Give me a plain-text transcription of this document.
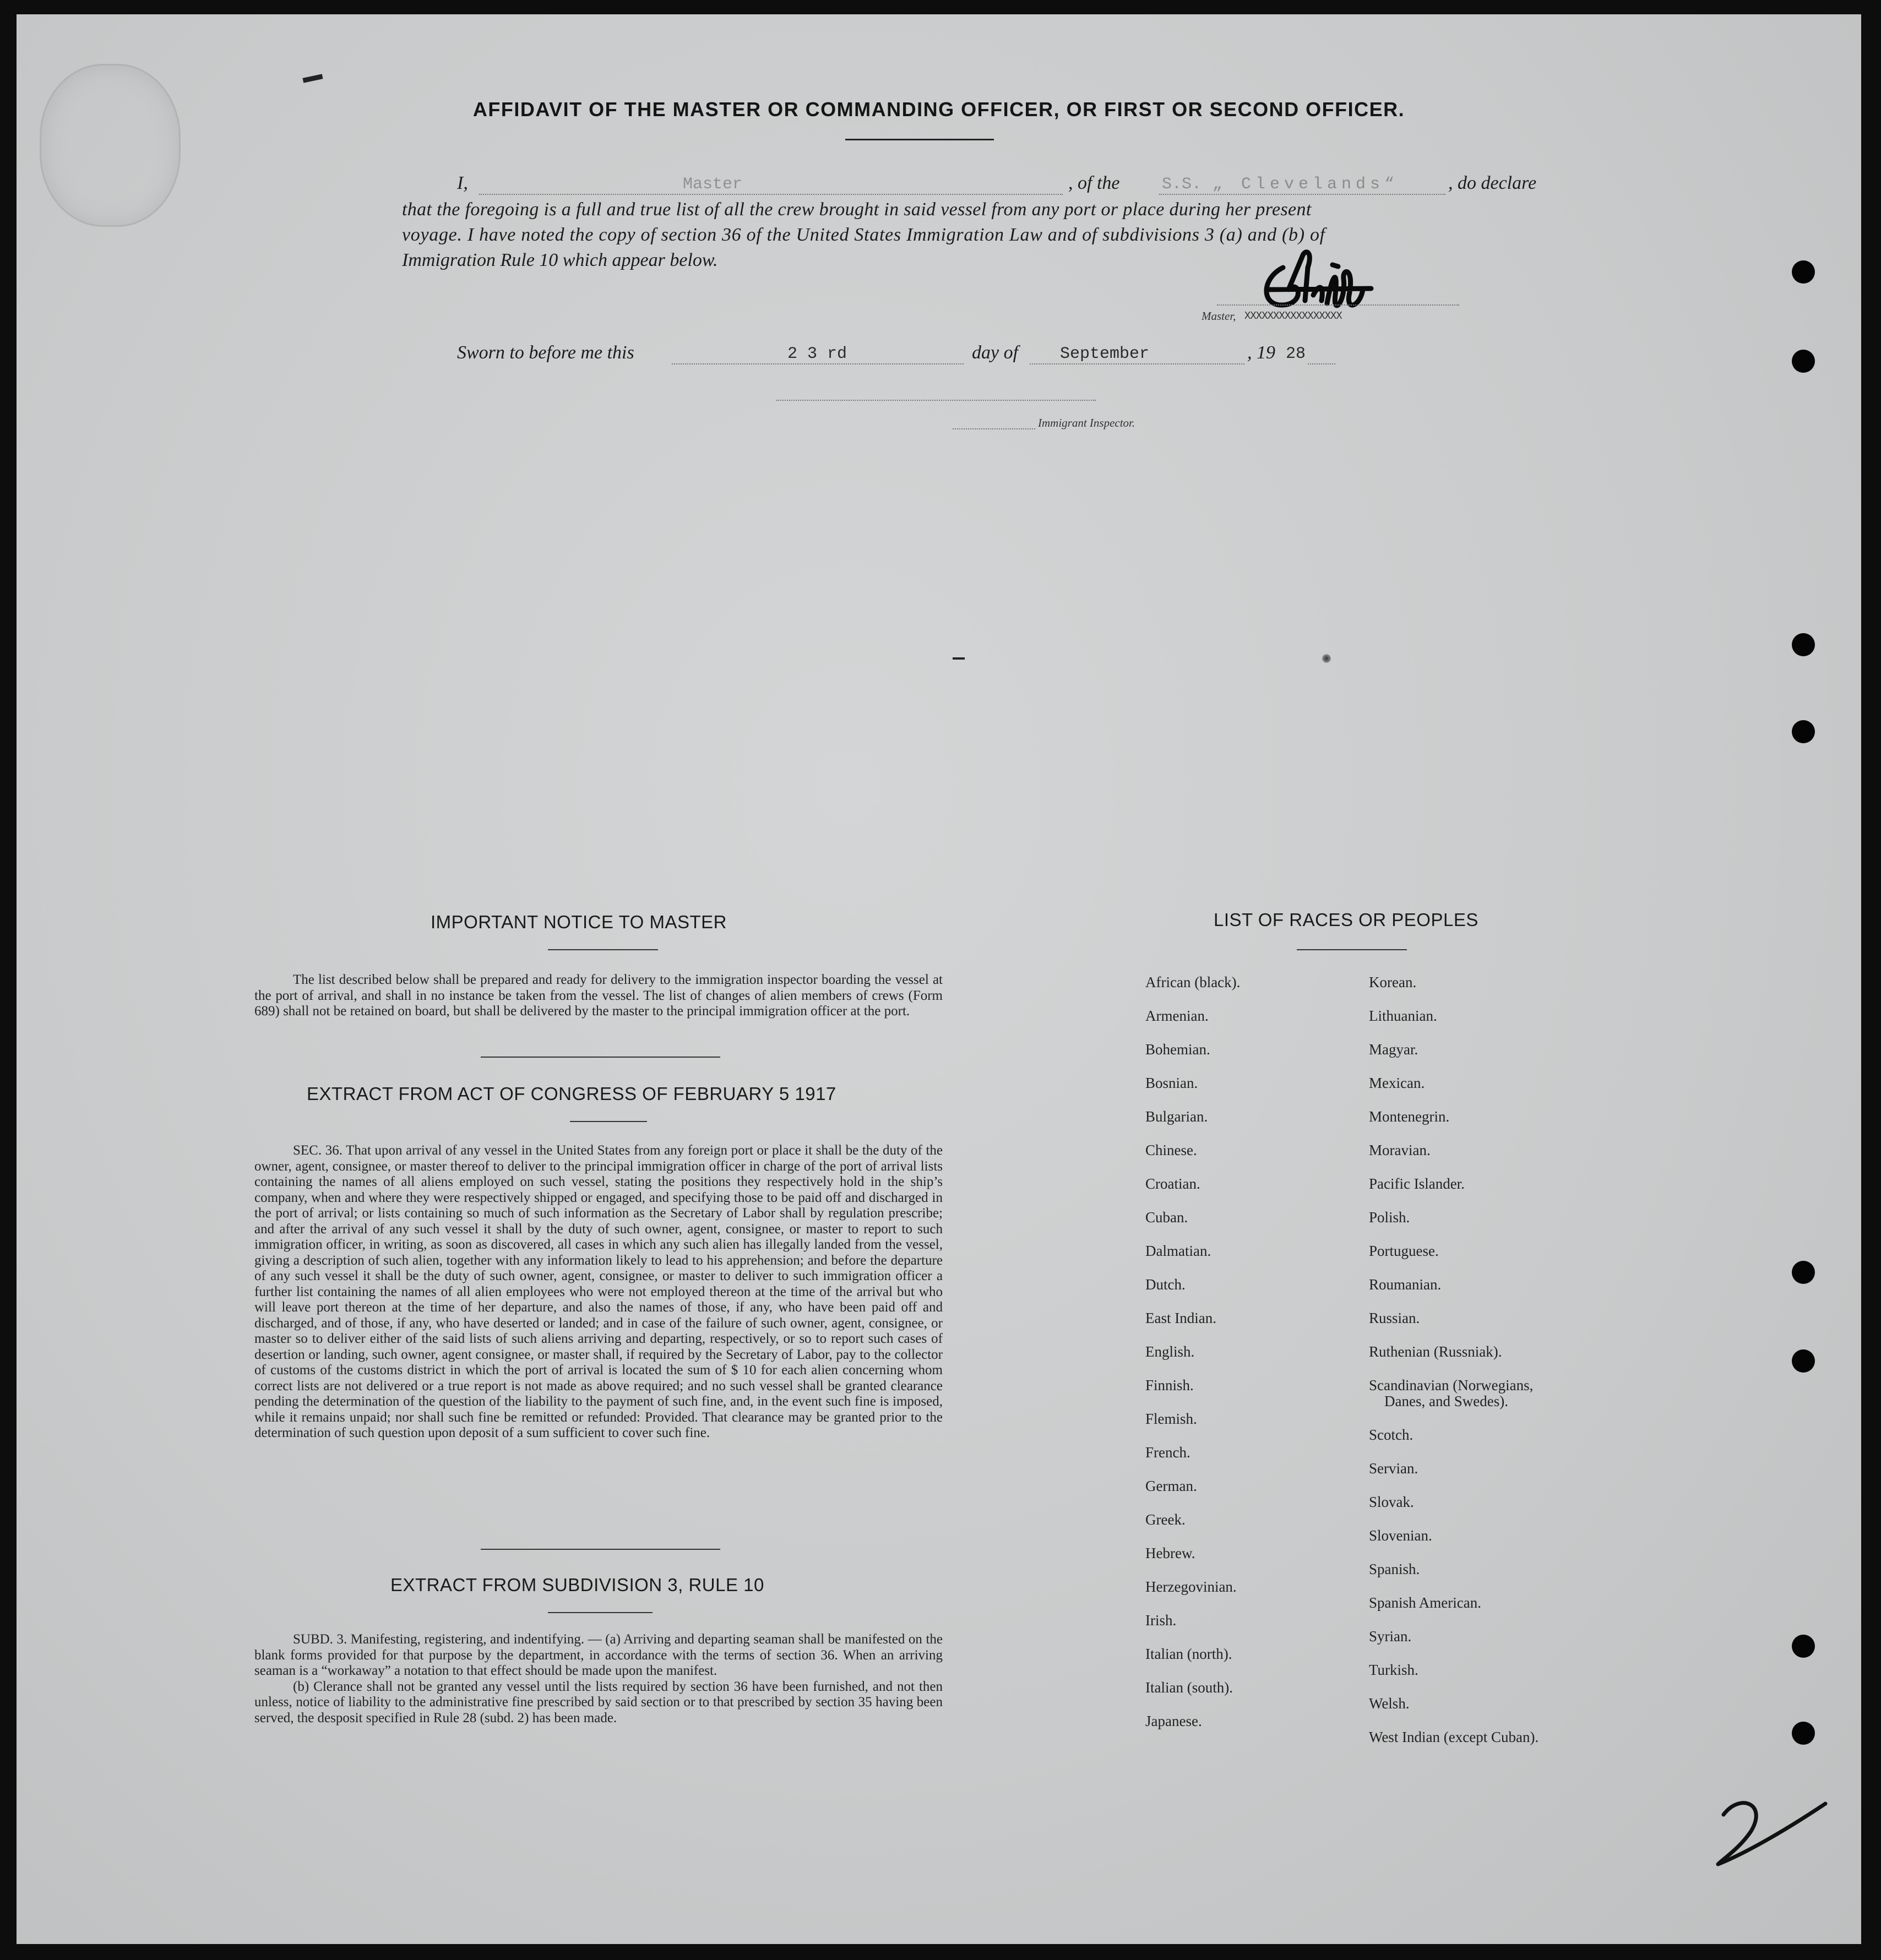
AFFIDAVIT OF THE MASTER OR COMMANDING OFFICER, OR FIRST OR SECOND OFFICER.
I,	Master	, of the	S.S. „ Clevelands“	, do declare
that the foregoing is a full and true list of all the crew brought in said vessel from any port or place during her present
voyage. I have noted the copy of section 36 of the United States Immigration Law and of subdivisions 3 (a) and (b) of
Immigration Rule 10 which appear below.
Master, XXXXXXXXXXXXXXXXX
Sworn to before me this	2 3 rd	day of	September	, 19 28
Immigrant Inspector.
IMPORTANT NOTICE TO MASTER

The list described below shall be prepared and ready for delivery to the immigration inspector boarding the vessel at the port of arrival, and shall in no instance be taken from the vessel. The list of changes of alien members of crews (Form 689) shall not be retained on board, but shall be delivered by the master to the principal immigration officer at the port.

EXTRACT FROM ACT OF CONGRESS OF FEBRUARY 5 1917

SEC. 36. That upon arrival of any vessel in the United States from any foreign port or place it shall be the duty of the owner, agent, consignee, or master thereof to deliver to the principal immigration officer in charge of the port of arrival lists containing the names of all aliens employed on such vessel, stating the positions they respectively hold in the ship’s company, when and where they were respectively shipped or engaged, and specifying those to be paid off and discharged in the port of arrival; or lists containing so much of such information as the Secretary of Labor shall by regulation prescribe; and after the arrival of any such vessel it shall by the duty of such owner, agent, consignee, or master to report to such immigration officer, in writing, as soon as discovered, all cases in which any such alien has illegally landed from the vessel, giving a description of such alien, together with any information likely to lead to his apprehension; and before the departure of any such vessel it shall be the duty of such owner, agent, consignee, or master to deliver to such immigration officer a further list containing the names of all alien employees who were not employed thereon at the time of the arrival but who will leave port thereon at the time of her departure, and also the names of those, if any, who have been paid off and discharged, and of those, if any, who have deserted or landed; and in case of the failure of such owner, agent, consignee, or master so to deliver either of the said lists of such aliens arriving and departing, respectively, or so to report such cases of desertion or landing, such owner, agent consignee, or master shall, if required by the Secretary of Labor, pay to the collector of customs of the customs district in which the port of arrival is located the sum of $ 10 for each alien concerning whom correct lists are not delivered or a true report is not made as above required; and no such vessel shall be granted clearance pending the determination of the question of the liability to the payment of such fine, and, in the event such fine is imposed, while it remains unpaid; nor shall such fine be remitted or refunded: Provided. That clearance may be granted prior to the determination of such question upon deposit of a sum sufficient to cover such fine.

EXTRACT FROM SUBDIVISION 3, RULE 10

SUBD. 3. Manifesting, registering, and indentifying. — (a) Arriving and departing seaman shall be manifested on the blank forms provided for that purpose by the department, in accordance with the terms of section 36. When an arriving seaman is a “workaway” a notation to that effect should be made upon the manifest.

(b) Clerance shall not be granted any vessel until the lists required by section 36 have been furnished, and not then unless, notice of liability to the administrative fine prescribed by said section or to that prescribed by section 35 having been served, the desposit specified in Rule 28 (subd. 2) has been made.

LIST OF RACES OR PEOPLES
African (black).
Armenian.
Bohemian.
Bosnian.
Bulgarian.
Chinese.
Croatian.
Cuban.
Dalmatian.
Dutch.
East Indian.
English.
Finnish.
Flemish.
French.
German.
Greek.
Hebrew.
Herzegovinian.
Irish.
Italian (north).
Italian (south).
Japanese.
Korean.
Lithuanian.
Magyar.
Mexican.
Montenegrin.
Moravian.
Pacific Islander.
Polish.
Portuguese.
Roumanian.
Russian.
Ruthenian (Russniak).
Scandinavian (Norwegians,
Danes, and Swedes).
Scotch.
Servian.
Slovak.
Slovenian.
Spanish.
Spanish American.
Syrian.
Turkish.
Welsh.
West Indian (except Cuban).
